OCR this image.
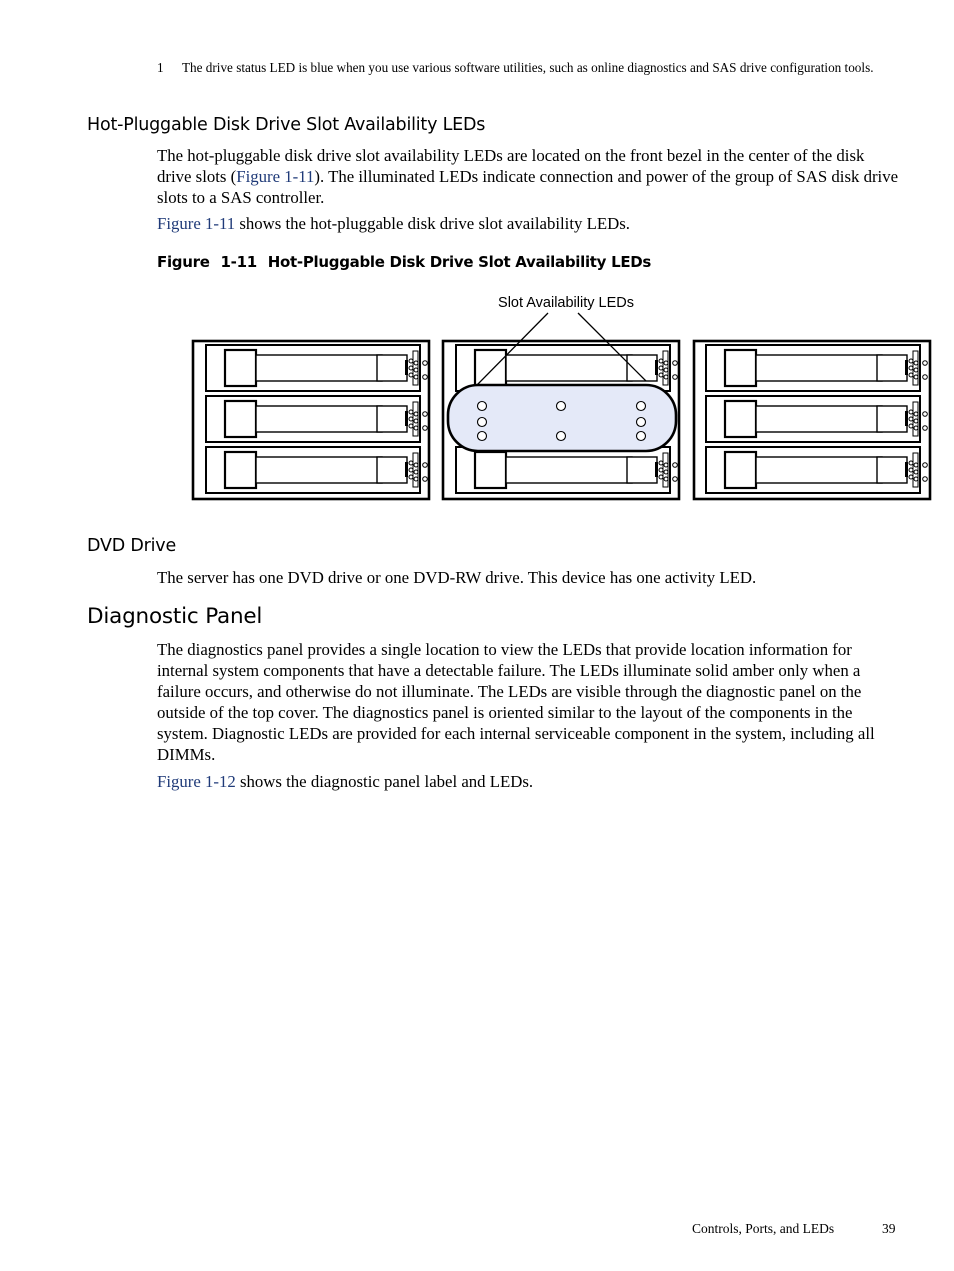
1 The drive status LED is blue when you use various software utilities, such as online diagnostics and SAS drive configuration tools.
Hot-Pluggable Disk Drive Slot Availability LEDs

The hot-pluggable disk drive slot availability LEDs are located on the front bezel in the center of the disk drive slots (Figure 1-11). The illuminated LEDs indicate connection and power of the group of SAS disk drive slots to a SAS controller.

Figure 1-11 shows the hot-pluggable disk drive slot availability LEDs.

Figure 1-11 Hot-Pluggable Disk Drive Slot Availability LEDs
Slot Availability LEDs
DVD Drive

The server has one DVD drive or one DVD-RW drive. This device has one activity LED.

Diagnostic Panel

The diagnostics panel provides a single location to view the LEDs that provide location information for internal system components that have a detectable failure. The LEDs illuminate solid amber only when a failure occurs, and otherwise do not illuminate. The LEDs are visible through the diagnostic panel on the outside of the top cover. The diagnostics panel is oriented similar to the layout of the components in the system. Diagnostic LEDs are provided for each internal serviceable component in the system, including all DIMMs.

Figure 1-12 shows the diagnostic panel label and LEDs.

Controls, Ports, and LEDs	39
